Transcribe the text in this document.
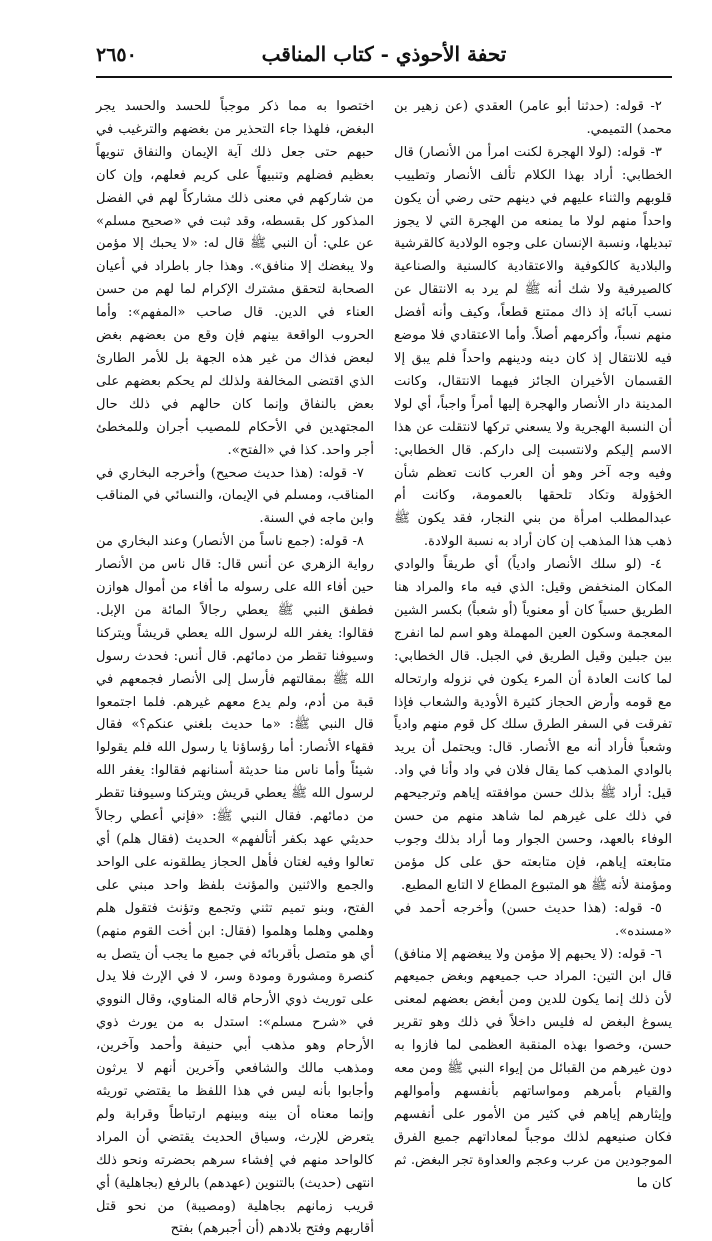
٢٦٥٠	تحفة الأحوذي - كتاب المناقب

٢- قوله: (حدثنا أبو عامر) العقدي (عن زهير بن محمد) التميمي.

٣- قوله: (لولا الهجرة لكنت امرأ من الأنصار) قال الخطابي: أراد بهذا الكلام تألف الأنصار وتطييب قلوبهم والثناء عليهم في دينهم حتى رضي أن يكون واحداً منهم لولا ما يمنعه من الهجرة التي لا يجوز تبديلها، ونسبة الإنسان على وجوه الولادية كالقرشية والبلادية كالكوفية والاعتقادية كالسنية والصناعية كالصيرفية ولا شك أنه ﷺ لم يرد به الانتقال عن نسب آبائه إذ ذاك ممتنع قطعاً، وكيف وأنه أفضل منهم نسباً، وأكرمهم أصلاً. وأما الاعتقادي فلا موضع فيه للانتقال إذ كان دينه ودينهم واحداً فلم يبق إلا القسمان الأخيران الجائز فيهما الانتقال، وكانت المدينة دار الأنصار والهجرة إليها أمراً واجباً، أي لولا أن النسبة الهجرية ولا يسعني تركها لانتقلت عن هذا الاسم إليكم ولانتسبت إلى داركم. قال الخطابي: وفيه وجه آخر وهو أن العرب كانت تعظم شأن الخؤولة وتكاد تلحقها بالعمومة، وكانت أم عبدالمطلب امرأة من بني النجار، فقد يكون ﷺ ذهب هذا المذهب إن كان أراد به نسبة الولادة.

٤- (لو سلك الأنصار وادياً) أي طريقاً والوادي المكان المنخفض وقيل: الذي فيه ماء والمراد هنا الطريق حسياً كان أو معنوياً (أو شعباً) بكسر الشين المعجمة وسكون العين المهملة وهو اسم لما انفرج بين جبلين وقيل الطريق في الجبل. قال الخطابي: لما كانت العادة أن المرء يكون في نزوله وارتحاله مع قومه وأرض الحجاز كثيرة الأودية والشعاب فإذا تفرقت في السفر الطرق سلك كل قوم منهم وادياً وشعباً فأراد أنه مع الأنصار. قال: ويحتمل أن يريد بالوادي المذهب كما يقال فلان في واد وأنا في واد. قيل: أراد ﷺ بذلك حسن موافقته إياهم وترجيحهم في ذلك على غيرهم لما شاهد منهم من حسن الوفاء بالعهد، وحسن الجوار وما أراد بذلك وجوب متابعته إياهم، فإن متابعته حق على كل مؤمن ومؤمنة لأنه ﷺ هو المتبوع المطاع لا التابع المطيع.

٥- قوله: (هذا حديث حسن) وأخرجه أحمد في «مسنده».

٦- قوله: (لا يحبهم إلا مؤمن ولا يبغضهم إلا منافق) قال ابن التين: المراد حب جميعهم وبغض جميعهم لأن ذلك إنما يكون للدين ومن أبغض بعضهم لمعنى يسوغ البغض له فليس داخلاً في ذلك وهو تقرير حسن، وخصوا بهذه المنقبة العظمى لما فازوا به دون غيرهم من القبائل من إيواء النبي ﷺ ومن معه والقيام بأمرهم ومواساتهم بأنفسهم وأموالهم وإيثارهم إياهم في كثير من الأمور على أنفسهم فكان صنيعهم لذلك موجباً لمعاداتهم جميع الفرق الموجودين من عرب وعجم والعداوة تجر البغض. ثم كان ما

اختصوا به مما ذكر موجباً للحسد والحسد يجر البغض، فلهذا جاء التحذير من بغضهم والترغيب في حبهم حتى جعل ذلك آية الإيمان والنفاق تنويهاً بعظيم فضلهم وتنبيهاً على كريم فعلهم، وإن كان من شاركهم في معنى ذلك مشاركاً لهم في الفضل المذكور كل بقسطه، وقد ثبت في «صحيح مسلم» عن علي: أن النبي ﷺ قال له: «لا يحبك إلا مؤمن ولا يبغضك إلا منافق». وهذا جار باطراد في أعيان الصحابة لتحقق مشترك الإكرام لما لهم من حسن العناء في الدين. قال صاحب «المفهم»: وأما الحروب الواقعة بينهم فإن وقع من بعضهم بغض لبعض فذاك من غير هذه الجهة بل للأمر الطارئ الذي اقتضى المخالفة ولذلك لم يحكم بعضهم على بعض بالنفاق وإنما كان حالهم في ذلك حال المجتهدين في الأحكام للمصيب أجران وللمخطئ أجر واحد. كذا في «الفتح».

٧- قوله: (هذا حديث صحيح) وأخرجه البخاري في المناقب، ومسلم في الإيمان، والنسائي في المناقب وابن ماجه في السنة.

٨- قوله: (جمع ناساً من الأنصار) وعند البخاري من رواية الزهري عن أنس قال: قال ناس من الأنصار حين أفاء الله على رسوله ما أفاء من أموال هوازن فطفق النبي ﷺ يعطي رجالاً المائة من الإبل. فقالوا: يغفر الله لرسول الله يعطي قريشاً ويتركنا وسيوفنا تقطر من دمائهم. قال أنس: فحدث رسول الله ﷺ بمقالتهم فأرسل إلى الأنصار فجمعهم في قبة من أدم، ولم يدع معهم غيرهم. فلما اجتمعوا قال النبي ﷺ: «ما حديث بلغني عنكم؟» فقال فقهاء الأنصار: أما رؤساؤنا يا رسول الله فلم يقولوا شيئاً وأما ناس منا حديثة أسنانهم فقالوا: يغفر الله لرسول الله ﷺ يعطي قريش ويتركنا وسيوفنا تقطر من دمائهم. فقال النبي ﷺ: «فإني أعطي رجالاً حديثي عهد بكفر أتألفهم» الحديث (فقال هلم) أي تعالوا وفيه لغتان فأهل الحجاز يطلقونه على الواحد والجمع والاثنين والمؤنث بلفظ واحد مبني على الفتح، وبنو تميم تثني وتجمع وتؤنث فتقول هلم وهلمي وهلما وهلموا (فقال: ابن أخت القوم منهم) أي هو متصل بأقربائه في جميع ما يجب أن يتصل به كنصرة ومشورة ومودة وسر، لا في الإرث فلا يدل على توريث ذوي الأرحام قاله المناوي، وقال النووي في «شرح مسلم»: استدل به من يورث ذوي الأرحام وهو مذهب أبي حنيفة وأحمد وآخرين، ومذهب مالك والشافعي وآخرين أنهم لا يرثون وأجابوا بأنه ليس في هذا اللفظ ما يقتضي توريثه وإنما معناه أن بينه وبينهم ارتباطاً وقرابة ولم يتعرض للإرث، وسياق الحديث يقتضي أن المراد كالواحد منهم في إفشاء سرهم بحضرته ونحو ذلك انتهى (حديث) بالتنوين (عهدهم) بالرفع (بجاهلية) أي قريب زمانهم بجاهلية (ومصيبة) من نحو قتل أقاربهم وفتح بلادهم (أن أجبرهم) بفتح
